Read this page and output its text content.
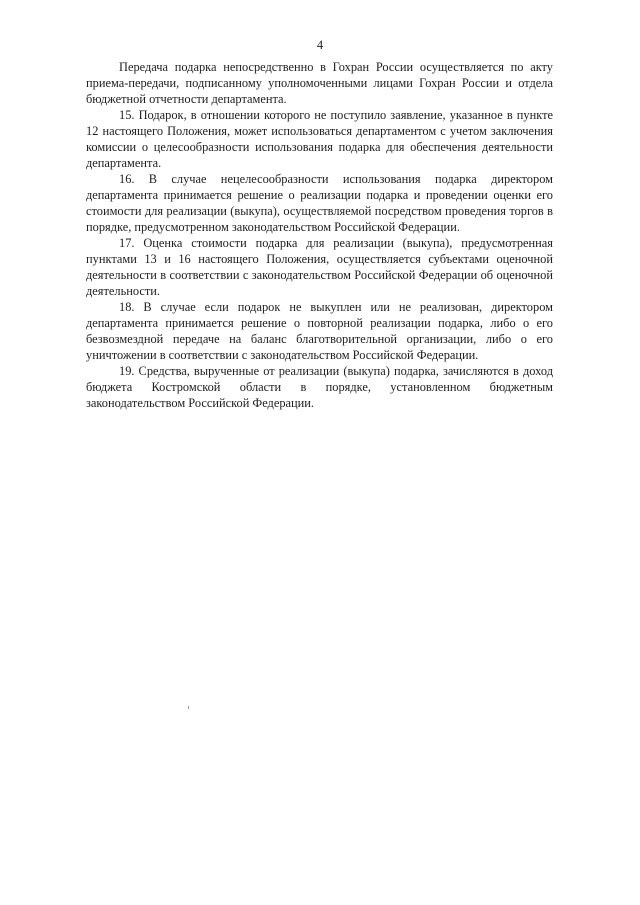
4

Передача подарка непосредственно в Гохран России осуществляется по акту приема-передачи, подписанному уполномоченными лицами Гохран России и отдела бюджетной отчетности департамента.

15. Подарок, в отношении которого не поступило заявление, указанное в пункте 12 настоящего Положения, может использоваться департаментом с учетом заключения комиссии о целесообразности использования подарка для обеспечения деятельности департамента.

16. В случае нецелесообразности использования подарка директором департамента принимается решение о реализации подарка и проведении оценки его стоимости для реализации (выкупа), осуществляемой посредством проведения торгов в порядке, предусмотренном законодательством Российской Федерации.

17. Оценка стоимости подарка для реализации (выкупа), предусмотренная пунктами 13 и 16 настоящего Положения, осуществляется субъектами оценочной деятельности в соответствии с законодательством Российской Федерации об оценочной деятельности.

18. В случае если подарок не выкуплен или не реализован, директором департамента принимается решение о повторной реализации подарка, либо о его безвозмездной передаче на баланс благотворительной организации, либо о его уничтожении в соответствии с законодательством Российской Федерации.

19. Средства, вырученные от реализации (выкупа) подарка, зачисляются в доход бюджета Костромской области в порядке, установленном бюджетным законодательством Российской Федерации.
